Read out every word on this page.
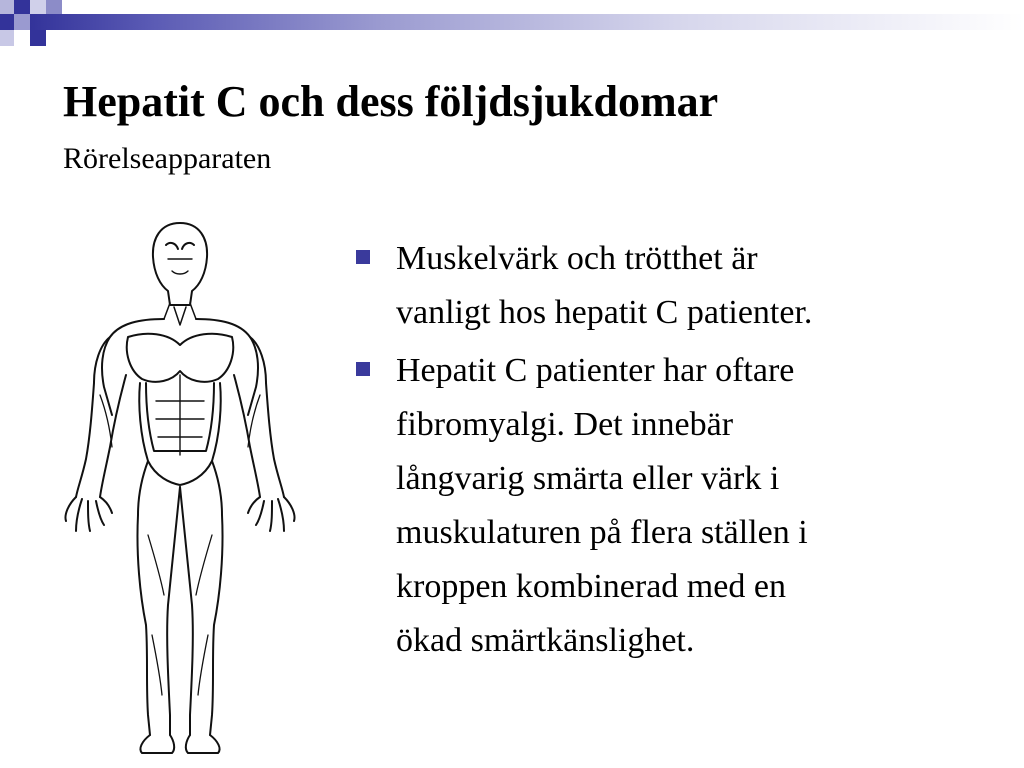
Hepatit C och dess följdsjukdomar
Rörelseapparaten
Muskelvärk och trötthet är
vanligt hos hepatit C patienter.
Hepatit C patienter har oftare
fibromyalgi. Det innebär
långvarig smärta eller värk i
muskulaturen på flera ställen i
kroppen kombinerad med en
ökad smärtkänslighet.
